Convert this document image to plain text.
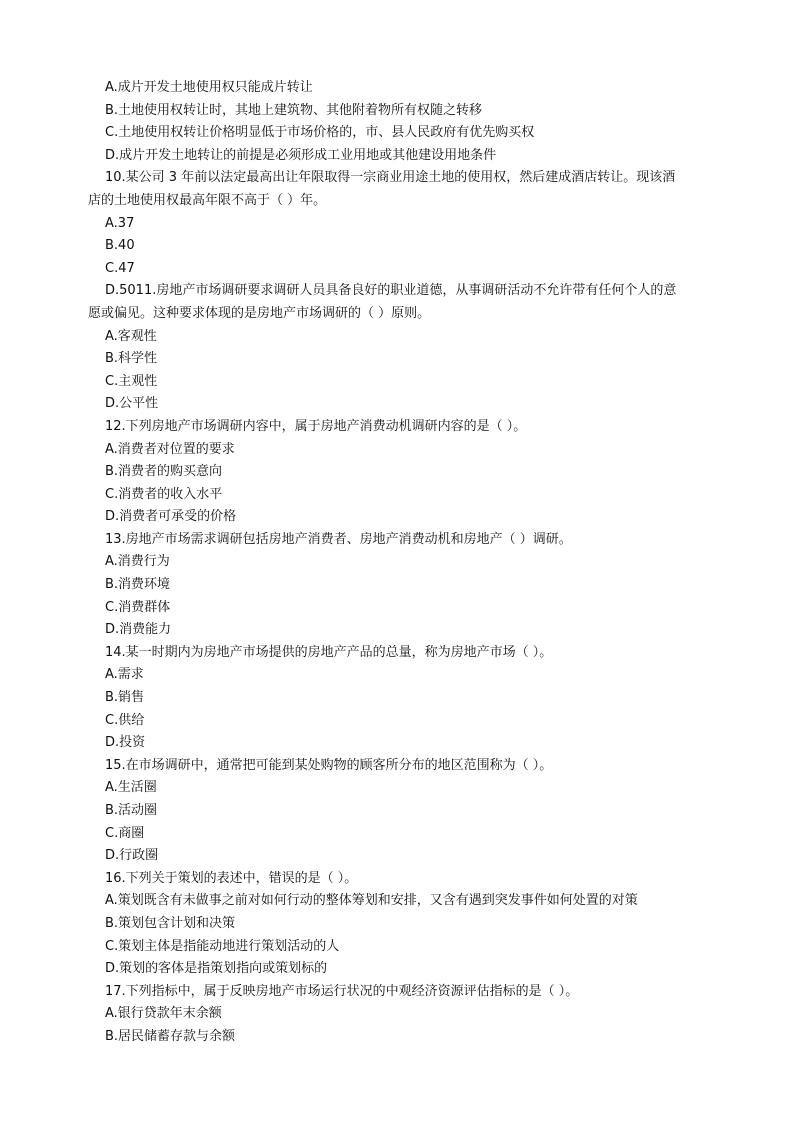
A.成片开发土地使用权只能成片转让

B.土地使用权转让时，其地上建筑物、其他附着物所有权随之转移

C.土地使用权转让价格明显低于市场价格的，市、县人民政府有优先购买权

D.成片开发土地转让的前提是必须形成工业用地或其他建设用地条件

10.某公司 3 年前以法定最高出让年限取得一宗商业用途土地的使用权，然后建成酒店转让。现该酒

店的土地使用权最高年限不高于（ ）年。

A.37

B.40

C.47

D.5011.房地产市场调研要求调研人员具备良好的职业道德，从事调研活动不允许带有任何个人的意

愿或偏见。这种要求体现的是房地产市场调研的（ ）原则。

A.客观性

B.科学性

C.主观性

D.公平性

12.下列房地产市场调研内容中，属于房地产消费动机调研内容的是（ ）。

A.消费者对位置的要求

B.消费者的购买意向

C.消费者的收入水平

D.消费者可承受的价格

13.房地产市场需求调研包括房地产消费者、房地产消费动机和房地产（ ）调研。

A.消费行为

B.消费环境

C.消费群体

D.消费能力

14.某一时期内为房地产市场提供的房地产产品的总量，称为房地产市场（ ）。

A.需求

B.销售

C.供给

D.投资

15.在市场调研中，通常把可能到某处购物的顾客所分布的地区范围称为（ ）。

A.生活圈

B.活动圈

C.商圈

D.行政圈

16.下列关于策划的表述中，错误的是（ ）。

A.策划既含有未做事之前对如何行动的整体筹划和安排，又含有遇到突发事件如何处置的对策

B.策划包含计划和决策

C.策划主体是指能动地进行策划活动的人

D.策划的客体是指策划指向或策划标的

17.下列指标中，属于反映房地产市场运行状况的中观经济资源评估指标的是（ ）。

A.银行贷款年末余额

B.居民储蓄存款与余额
